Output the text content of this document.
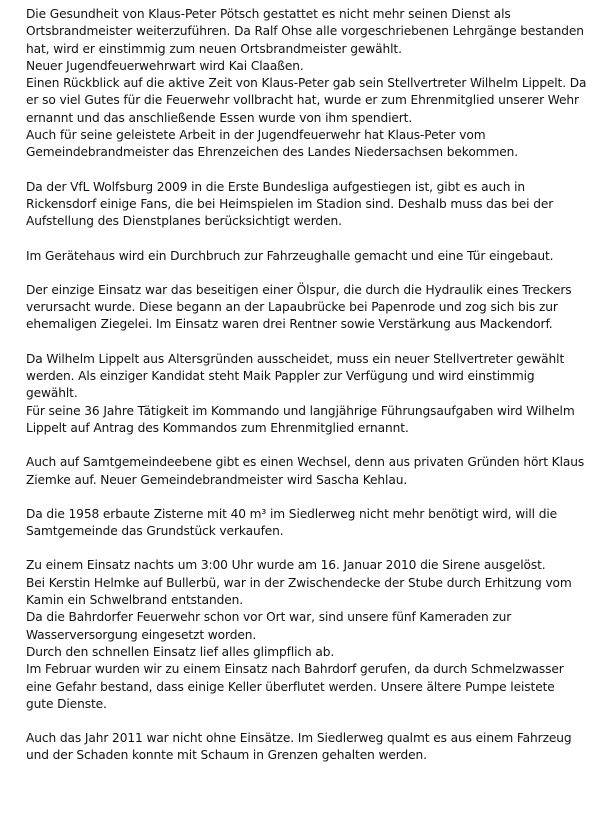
Die Gesundheit von Klaus-Peter Pötsch gestattet es nicht mehr seinen Dienst als
Ortsbrandmeister weiterzuführen. Da Ralf Ohse alle vorgeschriebenen Lehrgänge bestanden
hat, wird er einstimmig zum neuen Ortsbrandmeister gewählt.
Neuer Jugendfeuerwehrwart wird Kai Claaßen.
Einen Rückblick auf die aktive Zeit von Klaus-Peter gab sein Stellvertreter Wilhelm Lippelt. Da
er so viel Gutes für die Feuerwehr vollbracht hat, wurde er zum Ehrenmitglied unserer Wehr
ernannt und das anschließende Essen wurde von ihm spendiert.
Auch für seine geleistete Arbeit in der Jugendfeuerwehr hat Klaus-Peter vom
Gemeindebrandmeister das Ehrenzeichen des Landes Niedersachsen bekommen.
Da der VfL Wolfsburg 2009 in die Erste Bundesliga aufgestiegen ist, gibt es auch in
Rickensdorf einige Fans, die bei Heimspielen im Stadion sind. Deshalb muss das bei der
Aufstellung des Dienstplanes berücksichtigt werden.
Im Gerätehaus wird ein Durchbruch zur Fahrzeughalle gemacht und eine Tür eingebaut.
Der einzige Einsatz war das beseitigen einer Ölspur, die durch die Hydraulik eines Treckers
verursacht wurde. Diese begann an der Lapaubrücke bei Papenrode und zog sich bis zur
ehemaligen Ziegelei. Im Einsatz waren drei Rentner sowie Verstärkung aus Mackendorf.
Da Wilhelm Lippelt aus Altersgründen ausscheidet, muss ein neuer Stellvertreter gewählt
werden. Als einziger Kandidat steht Maik Pappler zur Verfügung und wird einstimmig
gewählt.
Für seine 36 Jahre Tätigkeit im Kommando und langjährige Führungsaufgaben wird Wilhelm
Lippelt auf Antrag des Kommandos zum Ehrenmitglied ernannt.
Auch auf Samtgemeindeebene gibt es einen Wechsel, denn aus privaten Gründen hört Klaus
Ziemke auf. Neuer Gemeindebrandmeister wird Sascha Kehlau.
Da die 1958 erbaute Zisterne mit 40 m³ im Siedlerweg nicht mehr benötigt wird, will die
Samtgemeinde das Grundstück verkaufen.
Zu einem Einsatz nachts um 3:00 Uhr wurde am 16. Januar 2010 die Sirene ausgelöst.
Bei Kerstin Helmke auf Bullerbü, war in der Zwischendecke der Stube durch Erhitzung vom
Kamin ein Schwelbrand entstanden.
Da die Bahrdorfer Feuerwehr schon vor Ort war, sind unsere fünf Kameraden zur
Wasserversorgung eingesetzt worden.
Durch den schnellen Einsatz lief alles glimpflich ab.
Im Februar wurden wir zu einem Einsatz nach Bahrdorf gerufen, da durch Schmelzwasser
eine Gefahr bestand, dass einige Keller überflutet werden. Unsere ältere Pumpe leistete
gute Dienste.
Auch das Jahr 2011 war nicht ohne Einsätze. Im Siedlerweg qualmt es aus einem Fahrzeug
und der Schaden konnte mit Schaum in Grenzen gehalten werden.
